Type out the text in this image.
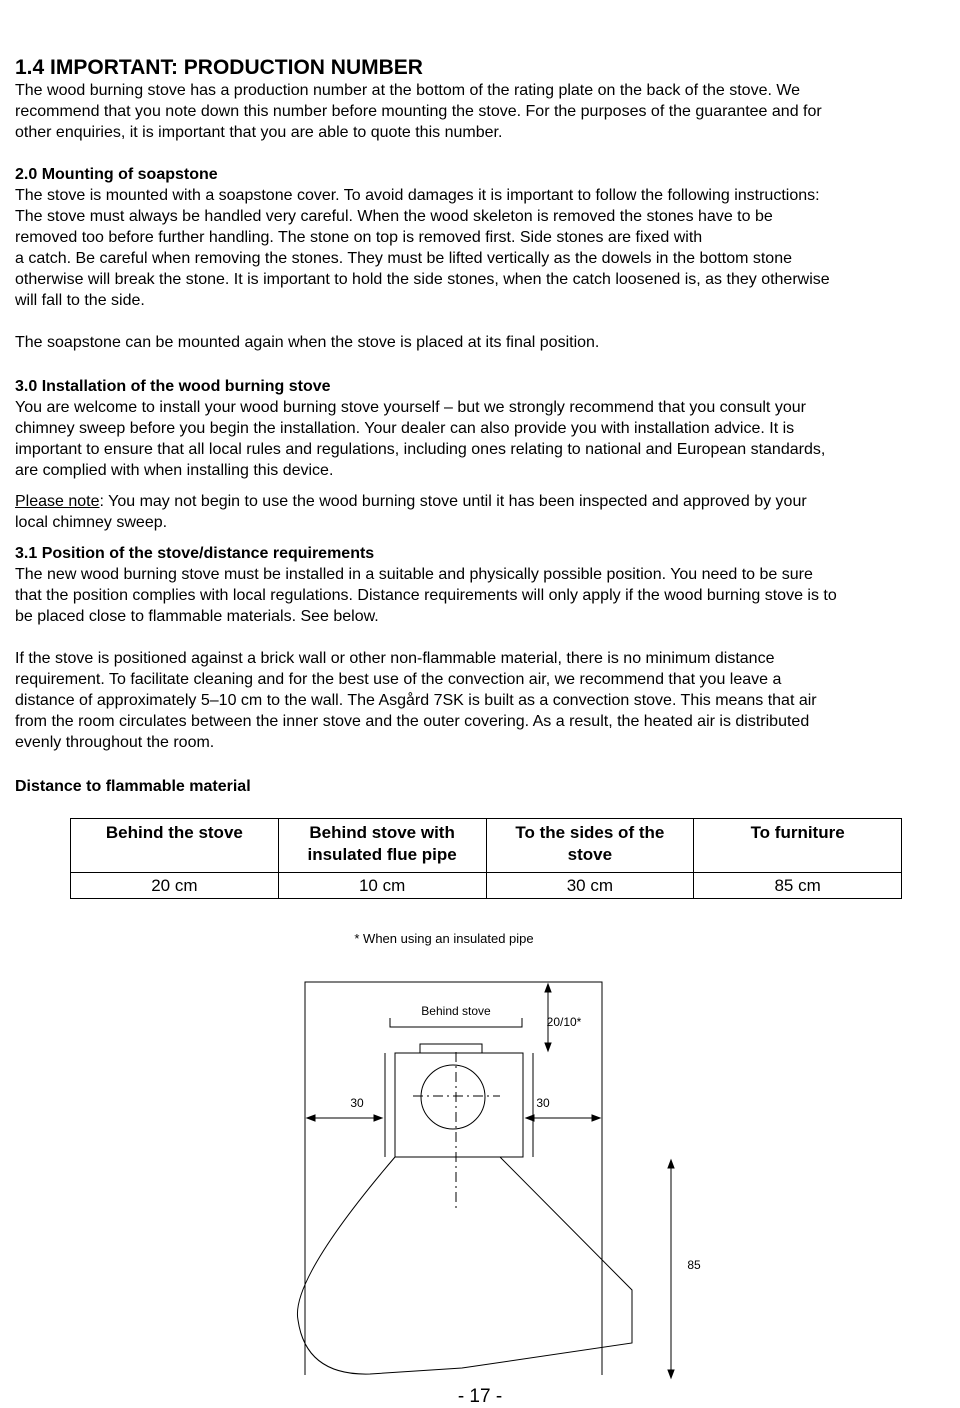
1.4 IMPORTANT: PRODUCTION NUMBER

The wood burning stove has a production number at the bottom of the rating plate on the back of the stove. We
recommend that you note down this number before mounting the stove. For the purposes of the guarantee and for
other enquiries, it is important that you are able to quote this number.

2.0 Mounting of soapstone

The stove is mounted with a soapstone cover. To avoid damages it is important to follow the following instructions:
The stove must always be handled very careful. When the wood skeleton is removed the stones have to be
removed too before further handling. The stone on top is removed first. Side stones are fixed with
a catch. Be careful when removing the stones. They must be lifted vertically as the dowels in the bottom stone
otherwise will break the stone. It is important to hold the side stones, when the catch loosened is, as they otherwise
will fall to the side.

The soapstone can be mounted again when the stove is placed at its final position.

3.0 Installation of the wood burning stove

You are welcome to install your wood burning stove yourself – but we strongly recommend that you consult your
chimney sweep before you begin the installation. Your dealer can also provide you with installation advice. It is
important to ensure that all local rules and regulations, including ones relating to national and European standards,
are complied with when installing this device.

Please note: You may not begin to use the wood burning stove until it has been inspected and approved by your
local chimney sweep.

3.1 Position of the stove/distance requirements

The new wood burning stove must be installed in a suitable and physically possible position. You need to be sure
that the position complies with local regulations. Distance requirements will only apply if the wood burning stove is to
be placed close to flammable materials. See below.

If the stove is positioned against a brick wall or other non-flammable material, there is no minimum distance
requirement. To facilitate cleaning and for the best use of the convection air, we recommend that you leave a
distance of approximately 5–10 cm to the wall. The Asgård 7SK is built as a convection stove. This means that air
from the room circulates between the inner stove and the outer covering. As a result, the heated air is distributed
evenly throughout the room.

Distance to flammable material
Behind the stove	Behind stove with insulated flue pipe	To the sides of the stove	To furniture
20 cm	10 cm	30 cm	85 cm
* When using an insulated pipe
Behind stove
20/10*
30	30
85
- 17 -
